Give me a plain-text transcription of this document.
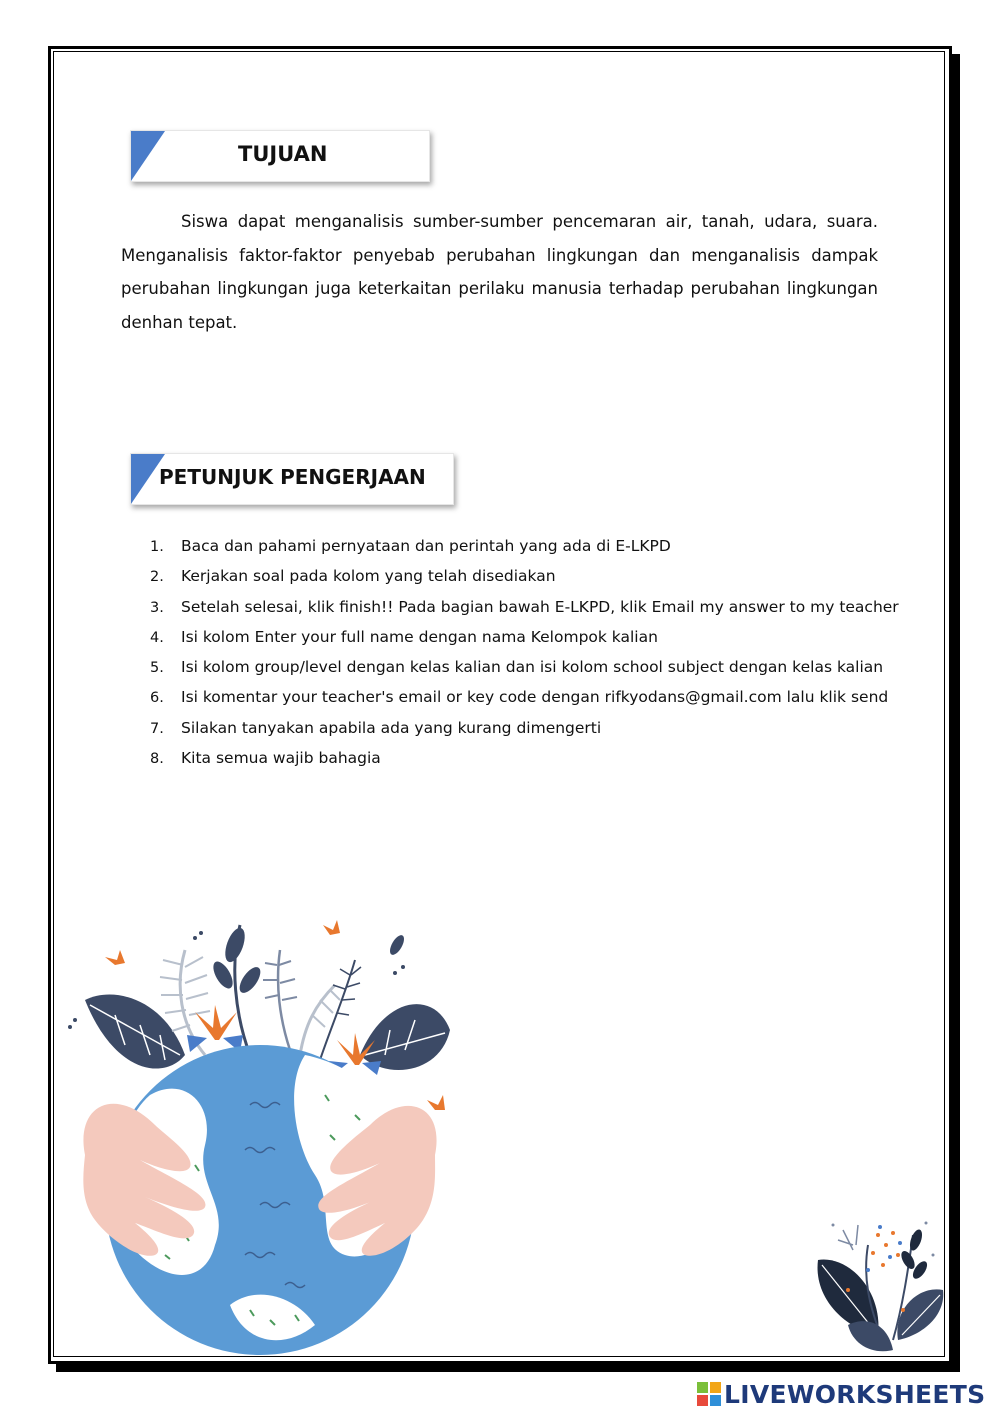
TUJUAN

Siswa dapat menganalisis sumber-sumber pencemaran air, tanah, udara, suara. Menganalisis faktor-faktor penyebab perubahan lingkungan dan menganalisis dampak perubahan lingkungan juga keterkaitan perilaku manusia terhadap perubahan lingkungan denhan tepat.

PETUNJUK PENGERJAAN
1. Baca dan pahami pernyataan dan perintah yang ada di E-LKPD
2. Kerjakan soal pada kolom yang telah disediakan
3. Setelah selesai, klik finish!! Pada bagian bawah E-LKPD, klik Email my answer to my teacher
4. Isi kolom Enter your full name dengan nama Kelompok kalian
5. Isi kolom group/level dengan kelas kalian dan isi kolom school subject dengan kelas kalian
6. Isi komentar your teacher's email or key code dengan rifkyodans@gmail.com lalu klik send
7. Silakan tanyakan apabila ada yang kurang dimengerti
8. Kita semua wajib bahagia
LIVEWORKSHEETS
